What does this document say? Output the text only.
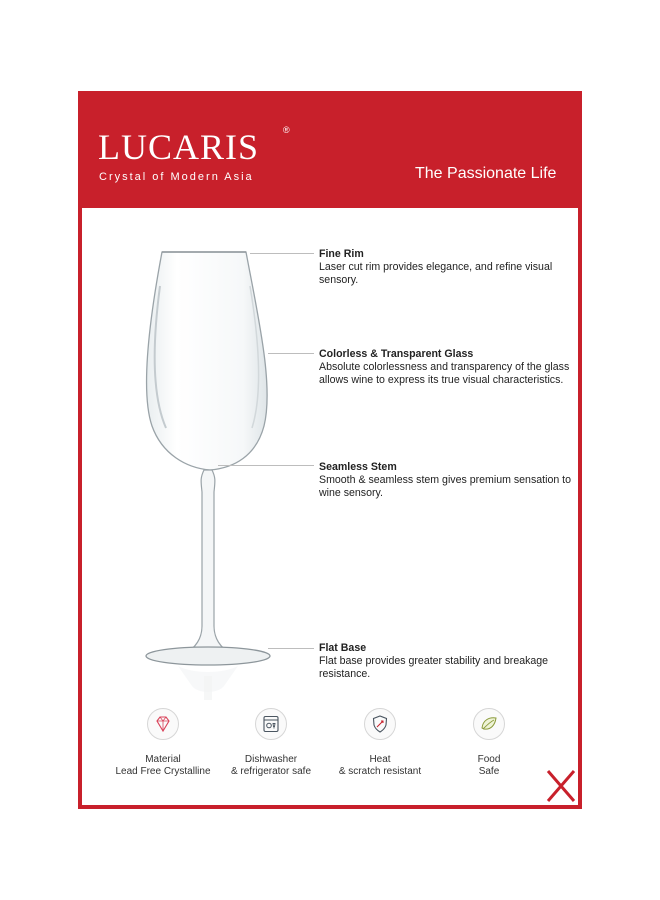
LUCARIS	®
Crystal of Modern Asia	The Passionate Life
Fine Rim
Laser cut rim provides elegance, and refine visual sensory.
Colorless & Transparent Glass
Absolute colorlessness and transparency of the glass allows wine to express its true visual characteristics.
Seamless Stem
Smooth & seamless stem gives premium sensation to wine sensory.
Flat Base
Flat base provides greater stability and breakage resistance.
Material
Lead Free Crystalline
Dishwasher
& refrigerator safe
Heat
& scratch resistant
Food
Safe
